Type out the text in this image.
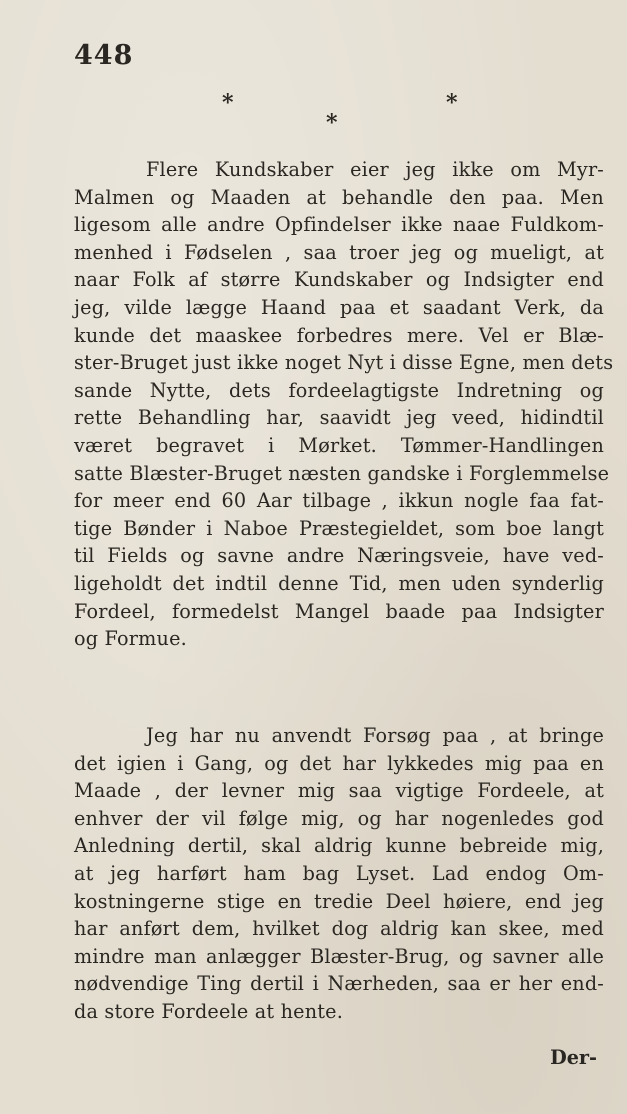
448
*	*
*
Flere Kundskaber eier jeg ikke om Myr-
Malmen og Maaden at behandle den paa. Men
ligesom alle andre Opfindelser ikke naae Fuldkom-
menhed i Fødselen , saa troer jeg og mueligt, at
naar Folk af større Kundskaber og Indsigter end
jeg, vilde lægge Haand paa et saadant Verk, da
kunde det maaskee forbedres mere. Vel er Blæ-
ster-Bruget just ikke noget Nyt i disse Egne, men dets
sande Nytte, dets fordeelagtigste Indretning og
rette Behandling har, saavidt jeg veed, hidindtil
været begravet i Mørket. Tømmer-Handlingen
satte Blæster-Bruget næsten gandske i Forglemmelse
for meer end 60 Aar tilbage , ikkun nogle faa fat-
tige Bønder i Naboe Præstegieldet, som boe langt
til Fields og savne andre Næringsveie, have ved-
ligeholdt det indtil denne Tid, men uden synderlig
Fordeel, formedelst Mangel baade paa Indsigter
og Formue.
Jeg har nu anvendt Forsøg paa , at bringe
det igien i Gang, og det har lykkedes mig paa en
Maade , der levner mig saa vigtige Fordeele, at
enhver der vil følge mig, og har nogenledes god
Anledning dertil, skal aldrig kunne bebreide mig,
at jeg harført ham bag Lyset. Lad endog Om-
kostningerne stige en tredie Deel høiere, end jeg
har anført dem, hvilket dog aldrig kan skee, med
mindre man anlægger Blæster-Brug, og savner alle
nødvendige Ting dertil i Nærheden, saa er her end-
da store Fordeele at hente.
Der-
